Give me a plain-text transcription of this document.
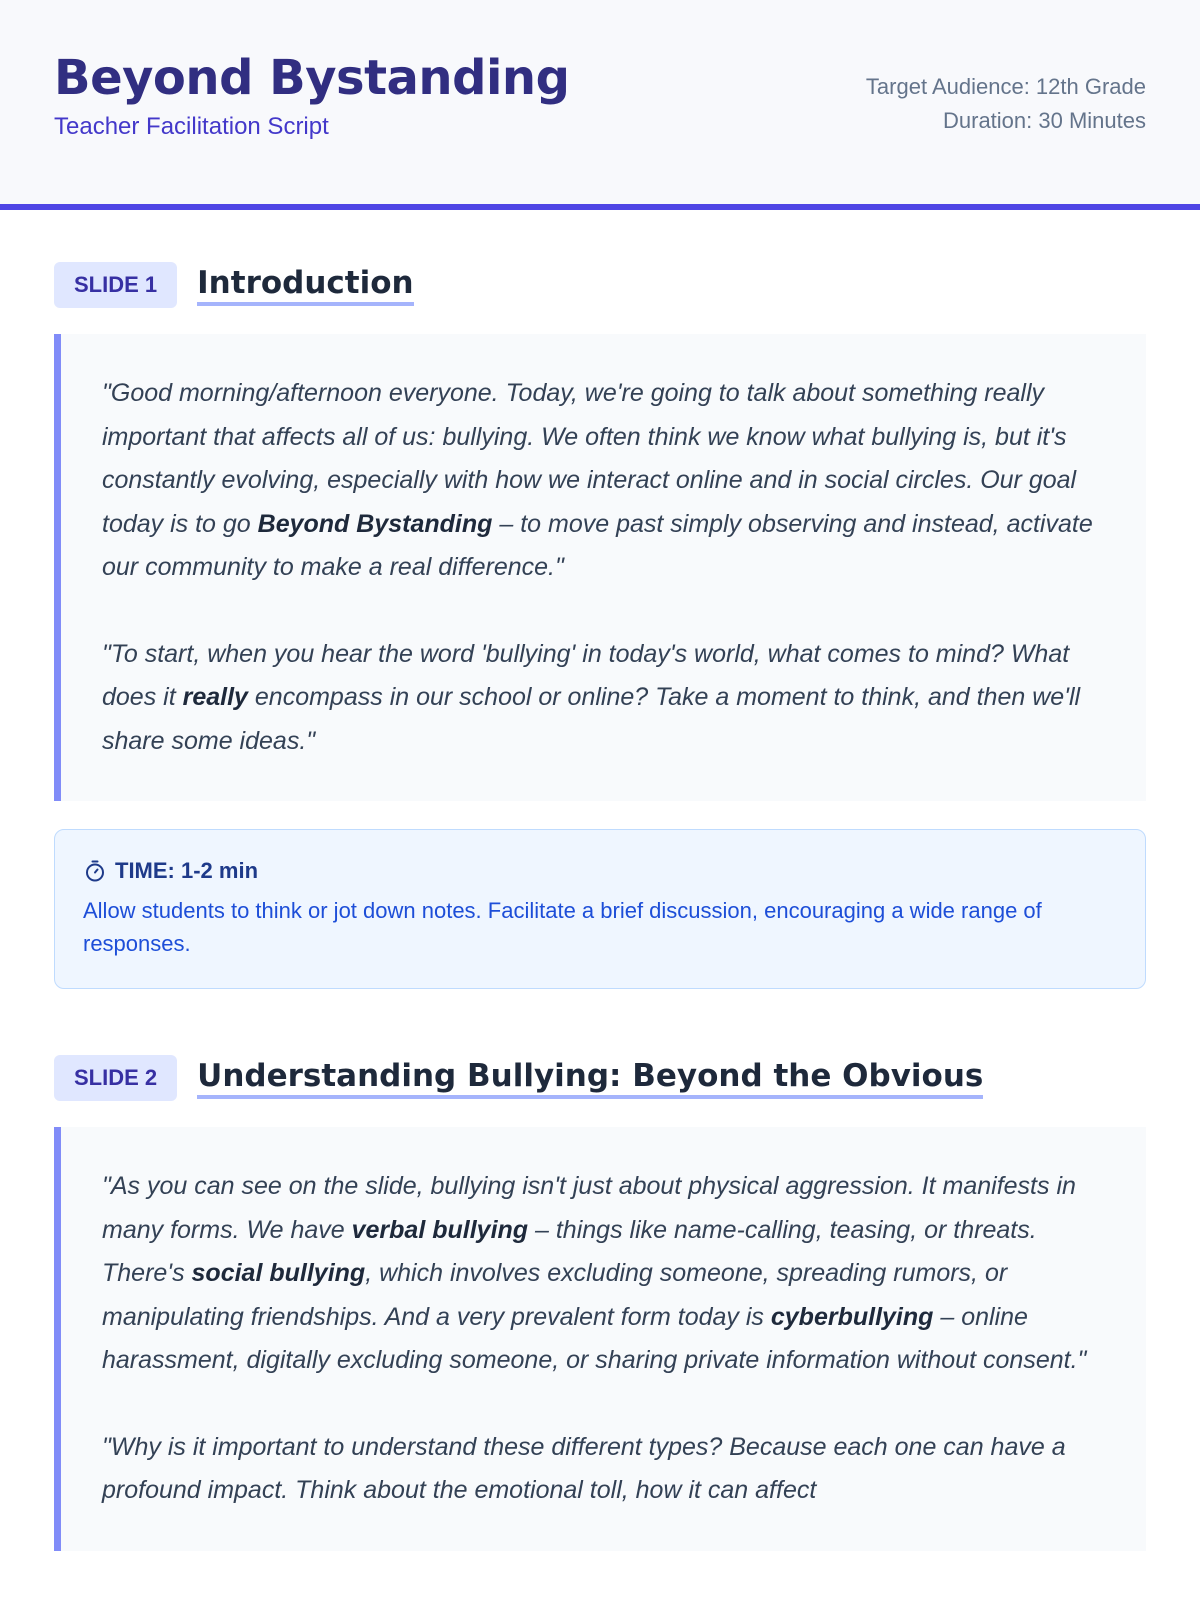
Beyond Bystanding
Teacher Facilitation Script
Target Audience: 12th Grade
Duration: 30 Minutes
SLIDE 1	Introduction

"Good morning/afternoon everyone. Today, we're going to talk about something really important that affects all of us: bullying. We often think we know what bullying is, but it's constantly evolving, especially with how we interact online and in social circles. Our goal today is to go Beyond Bystanding – to move past simply observing and instead, activate our community to make a real difference."

"To start, when you hear the word 'bullying' in today's world, what comes to mind? What does it really encompass in our school or online? Take a moment to think, and then we'll share some ideas."

TIME: 1-2 min
Allow students to think or jot down notes. Facilitate a brief discussion, encouraging a wide range of responses.
SLIDE 2	Understanding Bullying: Beyond the Obvious

"As you can see on the slide, bullying isn't just about physical aggression. It manifests in many forms. We have verbal bullying – things like name-calling, teasing, or threats. There's social bullying, which involves excluding someone, spreading rumors, or manipulating friendships. And a very prevalent form today is cyberbullying – online harassment, digitally excluding someone, or sharing private information without consent."

"Why is it important to understand these different types? Because each one can have a profound impact. Think about the emotional toll, how it can affect
